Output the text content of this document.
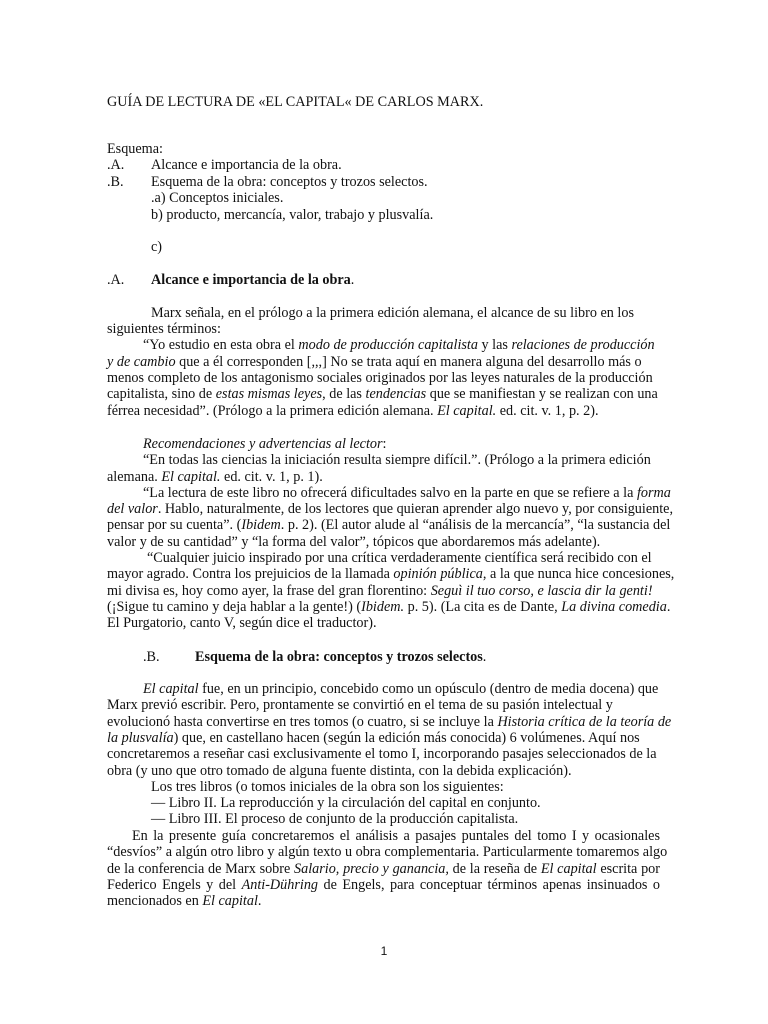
GUÍA DE LECTURA DE «EL CAPITAL« DE CARLOS MARX.
Esquema:
.A. Alcance e importancia de la obra.
.B. Esquema de la obra: conceptos y trozos selectos.
.a) Conceptos iniciales.
b) producto, mercancía, valor, trabajo y plusvalía.
c)
.A. Alcance e importancia de la obra.
Marx señala, en el prólogo a la primera edición alemana, el alcance de su libro en los
siguientes términos:
“Yo estudio en esta obra el modo de producción capitalista y las relaciones de producción
y de cambio que a él corresponden [,,,] No se trata aquí en manera alguna del desarrollo más o
menos completo de los antagonismo sociales originados por las leyes naturales de la producción
capitalista, sino de estas mismas leyes, de las tendencias que se manifiestan y se realizan con una
férrea necesidad”. (Prólogo a la primera edición alemana. El capital. ed. cit. v. 1, p. 2).
Recomendaciones y advertencias al lector:
“En todas las ciencias la iniciación resulta siempre difícil.”. (Prólogo a la primera edición
alemana. El capital. ed. cit. v. 1, p. 1).
“La lectura de este libro no ofrecerá dificultades salvo en la parte en que se refiere a la forma
del valor. Hablo, naturalmente, de los lectores que quieran aprender algo nuevo y, por consiguiente,
pensar por su cuenta”. (Ibidem. p. 2). (El autor alude al “análisis de la mercancía”, “la sustancia del
valor y de su cantidad” y “la forma del valor”, tópicos que abordaremos más adelante).
“Cualquier juicio inspirado por una crítica verdaderamente científica será recibido con el
mayor agrado. Contra los prejuicios de la llamada opinión pública, a la que nunca hice concesiones,
mi divisa es, hoy como ayer, la frase del gran florentino: Seguì il tuo corso, e lascia dir la genti!
(¡Sigue tu camino y deja hablar a la gente!) (Ibidem. p. 5). (La cita es de Dante, La divina comedia.
El Purgatorio, canto V, según dice el traductor).
.B. Esquema de la obra: conceptos y trozos selectos.
El capital fue, en un principio, concebido como un opúsculo (dentro de media docena) que
Marx previó escribir. Pero, prontamente se convirtió en el tema de su pasión intelectual y
evolucionó hasta convertirse en tres tomos (o cuatro, si se incluye la Historia crítica de la teoría de
la plusvalía) que, en castellano hacen (según la edición más conocida) 6 volúmenes. Aquí nos
concretaremos a reseñar casi exclusivamente el tomo I, incorporando pasajes seleccionados de la
obra (y uno que otro tomado de alguna fuente distinta, con la debida explicación).
Los tres libros (o tomos iniciales de la obra son los siguientes:
— Libro II. La reproducción y la circulación del capital en conjunto.
— Libro III. El proceso de conjunto de la producción capitalista.
En la presente guía concretaremos el análisis a pasajes puntales del tomo I y ocasionales
“desvíos” a algún otro libro y algún texto u obra complementaria. Particularmente tomaremos algo
de la conferencia de Marx sobre Salario, precio y ganancia, de la reseña de El capital escrita por
Federico Engels y del Anti-Dühring de Engels, para conceptuar términos apenas insinuados o
mencionados en El capital.
1
